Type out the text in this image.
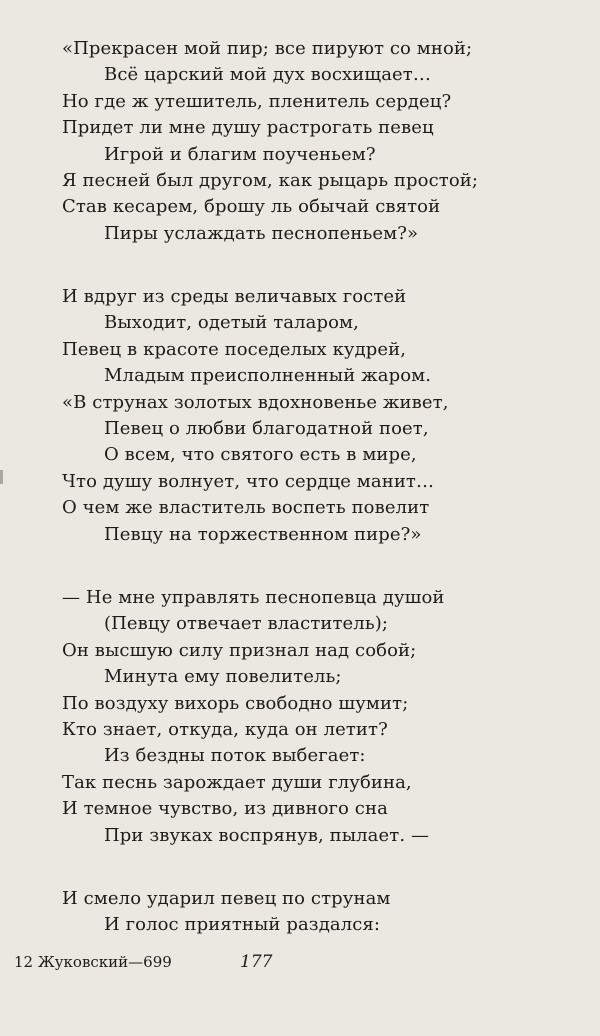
«Прекрасен мой пир; все пируют со мной;
Всё царский мой дух восхищает…
Но где ж утешитель, пленитель сердец?
Придет ли мне душу растрогать певец
Игрой и благим поученьем?
Я песней был другом, как рыцарь простой;
Став кесарем, брошу ль обычай святой
Пиры услаждать песнопеньем?»
И вдруг из среды величавых гостей
Выходит, одетый таларом,
Певец в красоте поседелых кудрей,
Младым преисполненный жаром.
«В струнах золотых вдохновенье живет,
Певец о любви благодатной поет,
О всем, что святого есть в мире,
Что душу волнует, что сердце манит…
О чем же властитель воспеть повелит
Певцу на торжественном пире?»
— Не мне управлять песнопевца душой
(Певцу отвечает властитель);
Он высшую силу признал над собой;
Минута ему повелитель;
По воздуху вихорь свободно шумит;
Кто знает, откуда, куда он летит?
Из бездны поток выбегает:
Так песнь зарождает души глубина,
И темное чувство, из дивного сна
При звуках воспрянув, пылает. —
И смело ударил певец по струнам
И голос приятный раздался:
12 Жуковский—699	177
